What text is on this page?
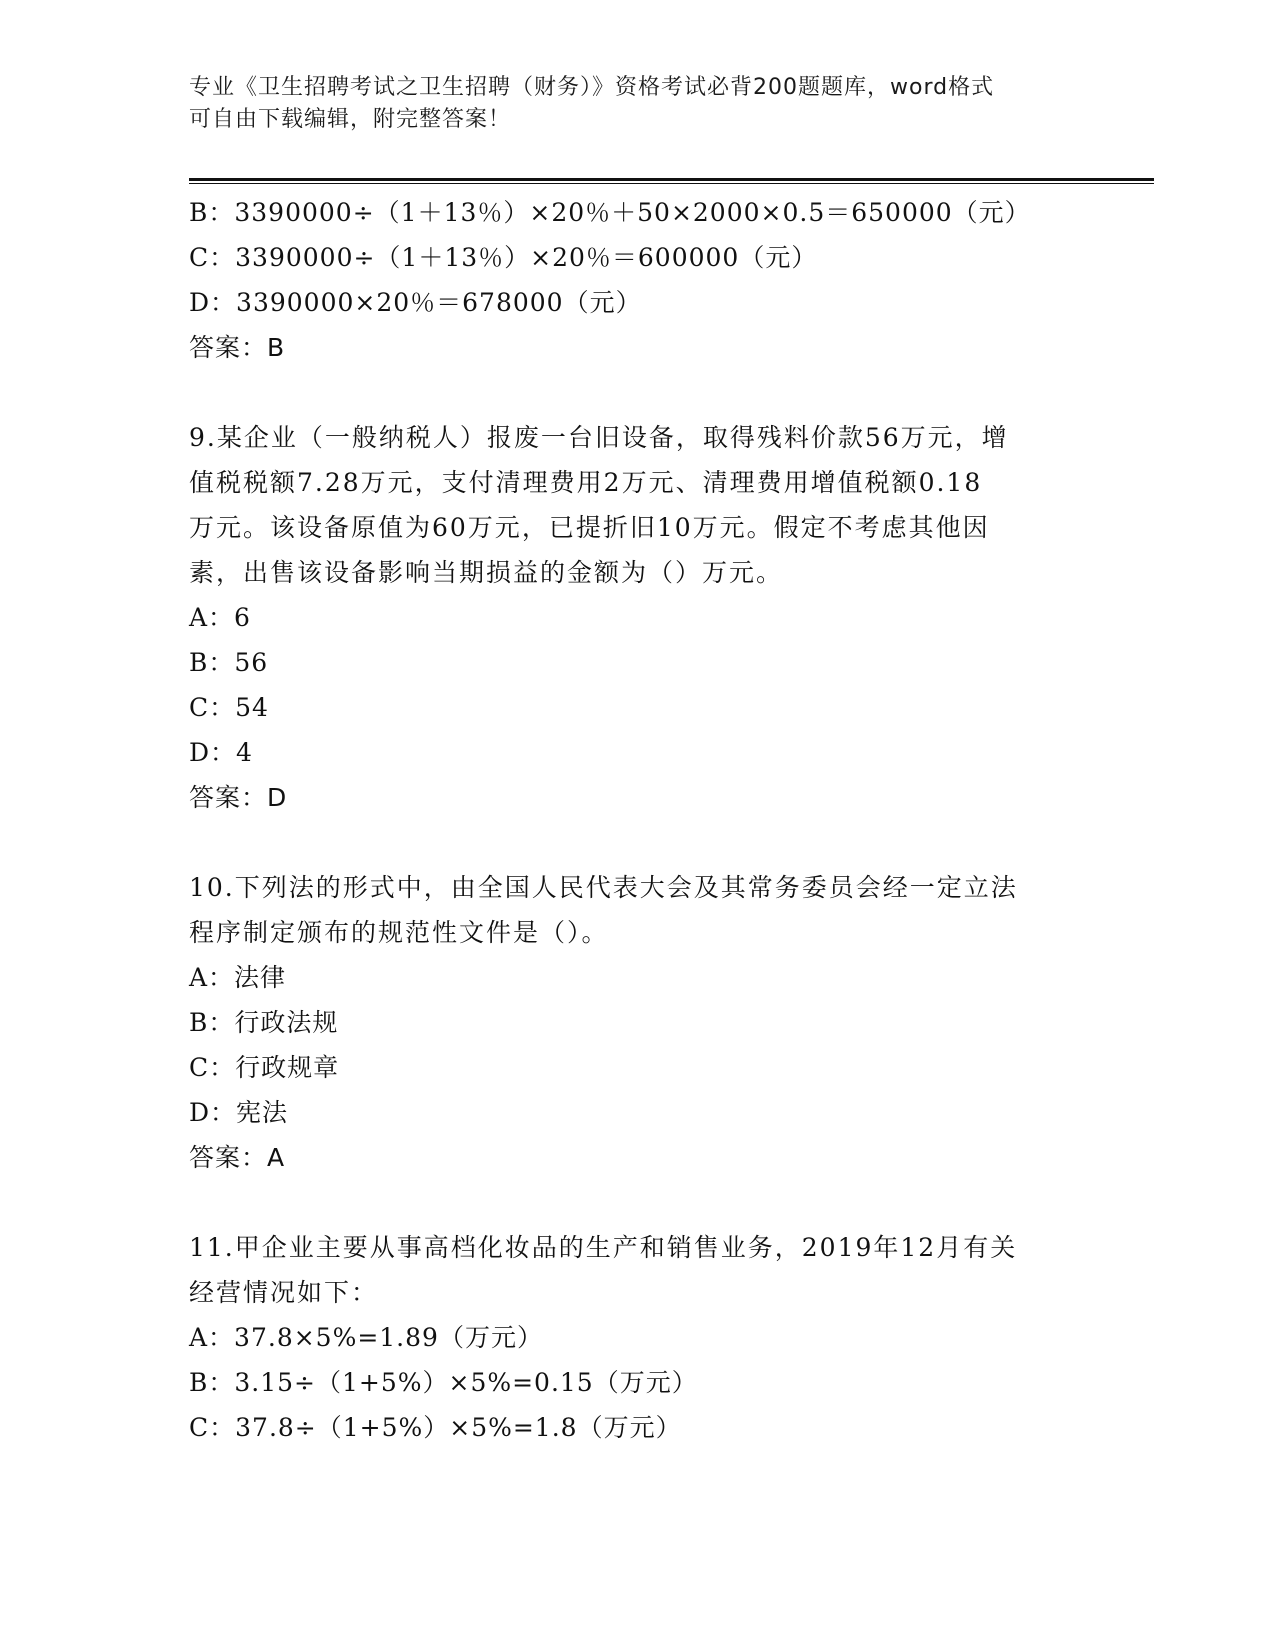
专业《卫生招聘考试之卫生招聘（财务）》资格考试必背200题题库，word格式
可自由下载编辑，附完整答案！
B：3390000÷（1＋13％）×20％＋50×2000×0.5＝650000（元）
C：3390000÷（1＋13％）×20％＝600000（元）
D：3390000×20％＝678000（元）
答案：B
9.某企业（一般纳税人）报废一台旧设备，取得残料价款56万元，增
值税税额7.28万元，支付清理费用2万元、清理费用增值税额0.18
万元。该设备原值为60万元，已提折旧10万元。假定不考虑其他因
素，出售该设备影响当期损益的金额为（）万元。
A：6
B：56
C：54
D：4
答案：D
10.下列法的形式中，由全国人民代表大会及其常务委员会经一定立法
程序制定颁布的规范性文件是（）。
A：法律
B：行政法规
C：行政规章
D：宪法
答案：A
11.甲企业主要从事高档化妆品的生产和销售业务，2019年12月有关
经营情况如下：
A：37.8×5%=1.89（万元）
B：3.15÷（1+5%）×5%=0.15（万元）
C：37.8÷（1+5%）×5%=1.8（万元）
